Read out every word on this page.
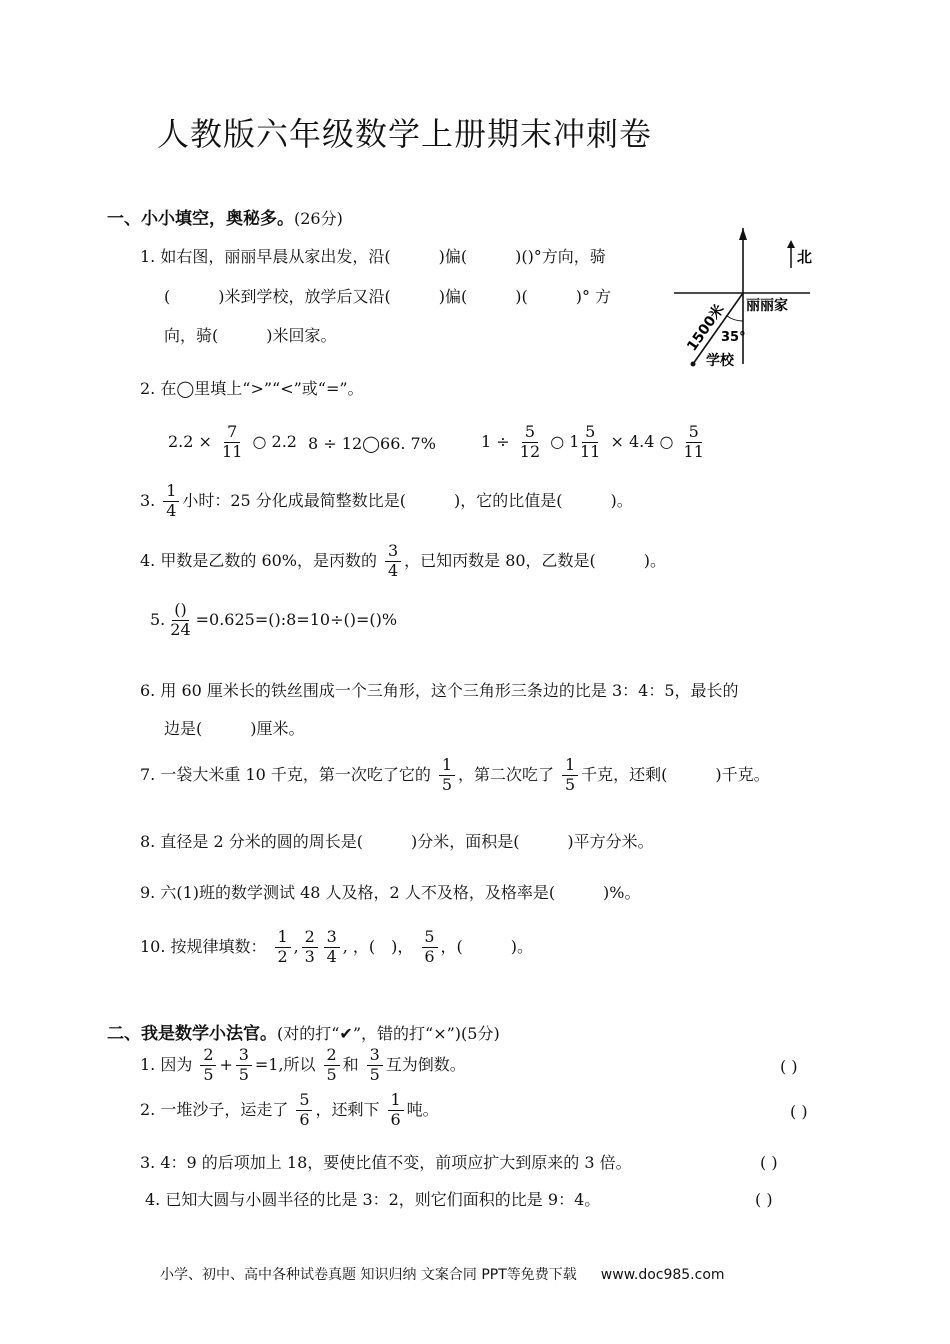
人教版六年级数学上册期末冲刺卷
一、小小填空，奥秘多。(26分)
1. 如右图，丽丽早晨从家出发，沿(　　　)偏(　　　)()°方向，骑
(　　　)米到学校，放学后又沿(　　　)偏(　　　)(　　　)° 方
向，骑(　　　)米回家。
北
丽丽家
1500米
35°
学校
2. 在◯里填上“>”“<”或“=”。
$2.2 \times \frac{7}{11}$ ○ 2.2 8 ÷ 12◯66. 7%	$1 \div \frac{5}{12}$ ○ 1
$\frac{5}{11} \times 4.4$ ○ $\frac{5}{11}$
3. $\frac{1}{4}$ 小时：25 分化成最简整数比是(　　　)，它的比值是(　　　)。
4. 甲数是乙数的 60%，是丙数的 $\frac{3}{4}$ ，已知丙数是 80，乙数是(　　　)。
5. $\frac{()}{24}$ =0.625=():8=10÷()=()%
6. 用 60 厘米长的铁丝围成一个三角形，这个三角形三条边的比是 3：4：5，最长的
边是(　　　)厘米。
7. 一袋大米重 10 千克，第一次吃了它的 $\frac{1}{5}$ ，第二次吃了 $\frac{1}{5}$ 千克，还剩(　　　)千克。
8. 直径是 2 分米的圆的周长是(　　　)分米，面积是(　　　)平方分米。
9. 六(1)班的数学测试 48 人及格，2 人不及格，及格率是(　　　)%。
10. 按规律填数： $\frac{1}{2}$ , $\frac{2}{3} \frac{3}{4}$ , ，(　)， $\frac{5}{6}$ ，(　　　)。
二、我是数学小法官。(对的打“✔”，错的打“×”)(5分)
1. 因为 $\frac{2}{5} + \frac{3}{5} =1$,所以 $\frac{2}{5}$ 和 $\frac{3}{5}$ 互为倒数。	( )
2. 一堆沙子，运走了 $\frac{5}{6}$ ，还剩下 $\frac{1}{6}$ 吨。	( )
3. 4：9 的后项加上 18，要使比值不变，前项应扩大到原来的 3 倍。	( )
4. 已知大圆与小圆半径的比是 3：2，则它们面积的比是 9：4。	( )
小学、初中、高中各种试卷真题 知识归纳 文案合同 PPT等免费下载 www.doc985.com
